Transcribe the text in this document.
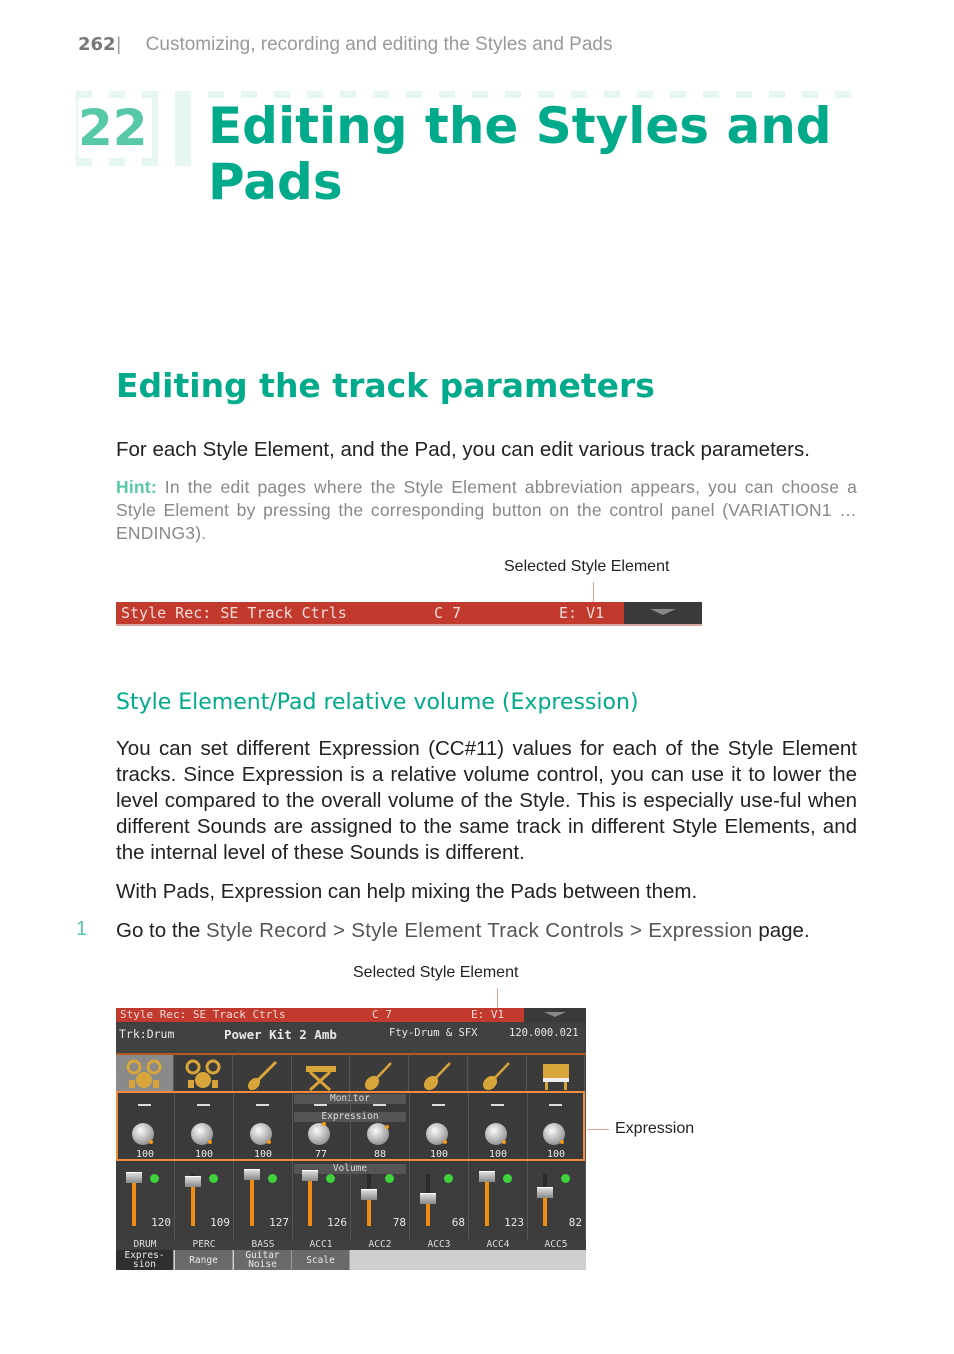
262| Customizing, recording and editing the Styles and Pads
22 Editing the Styles and Pads
Editing the track parameters

For each Style Element, and the Pad, you can edit various track parameters.

Hint: In the edit pages where the Style Element abbreviation appears, you can choose a Style Element by pressing the corresponding button on the control panel (VARIATION1 … ENDING3).

Selected Style Element
Style Rec: SE Track Ctrls	C 7	E: V1
Style Element/Pad relative volume (Expression)

You can set different Expression (CC#11) values for each of the Style Element tracks. Since Expression is a relative volume control, you can use it to lower the level compared to the overall volume of the Style. This is especially use-ful when different Sounds are assigned to the same track in different Style Elements, and the internal level of these Sounds is different.

With Pads, Expression can help mixing the Pads between them.

1 Go to the Style Record > Style Element Track Controls > Expression page.

Selected Style Element
Expression
Style Rec: SE Track Ctrls	C 7	E: V1
Trk:Drum	Power Kit 2 Amb	Fty-Drum & SFX	120.000.021
Monitor
Expression
100	100	100	77	88	100	100	100
Volume
120	109	127	126	78	68	123	82
DRUM	PERC	BASS	ACC1	ACC2	ACC3	ACC4	ACC5
Expres-
sion	Range	Guitar
Noise	Scale
